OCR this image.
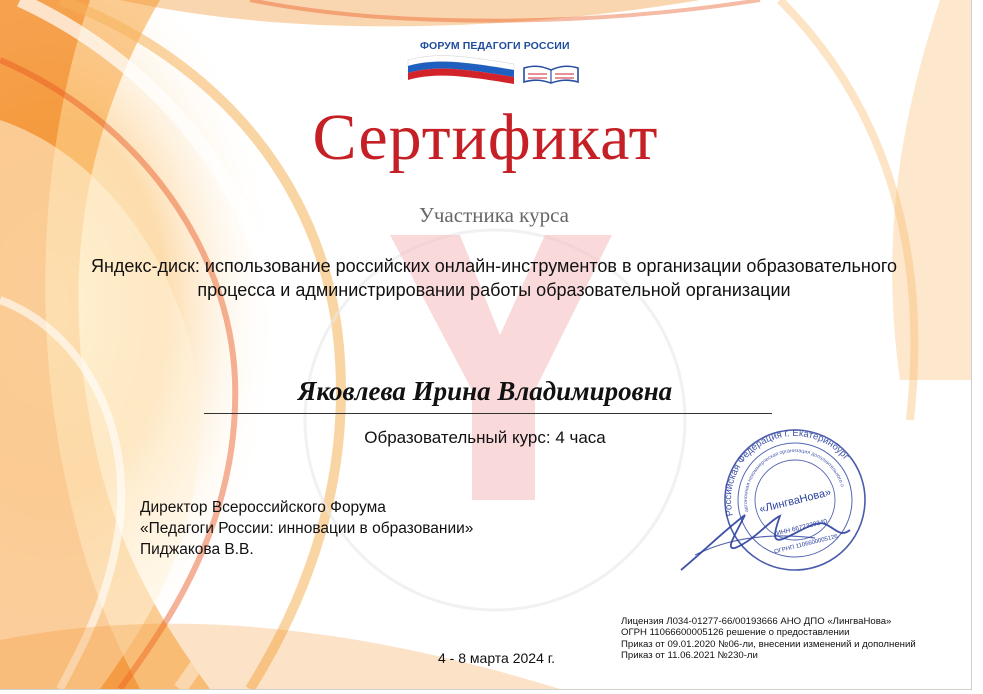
ФОРУМ ПЕДАГОГИ РОССИИ
Сертификат
Участника курса
Яндекс-диск: использование российских онлайн-инструментов в организации образовательного
процесса и администрировании работы образовательной организации
Яковлева Ирина Владимировна
Образовательный курс: 4 часа
Директор Всероссийского Форума
«Педагоги России: инновации в образовании»
Пиджакова В.В.
Российская Федерация г. Екатеринбург
автономная некоммерческая организация дополнительного образования
«ЛингваНова»
ИНН 6672329340
ОГРНП 1106600005126
4 - 8 марта 2024 г.
Лицензия Л034-01277-66/00193666 АНО ДПО «ЛингваНова»
ОГРН 11066600005126 решение о предоставлении
Приказ от 09.01.2020 №06-ли, внесении изменений и дополнений
Приказ от 11.06.2021 №230-ли
